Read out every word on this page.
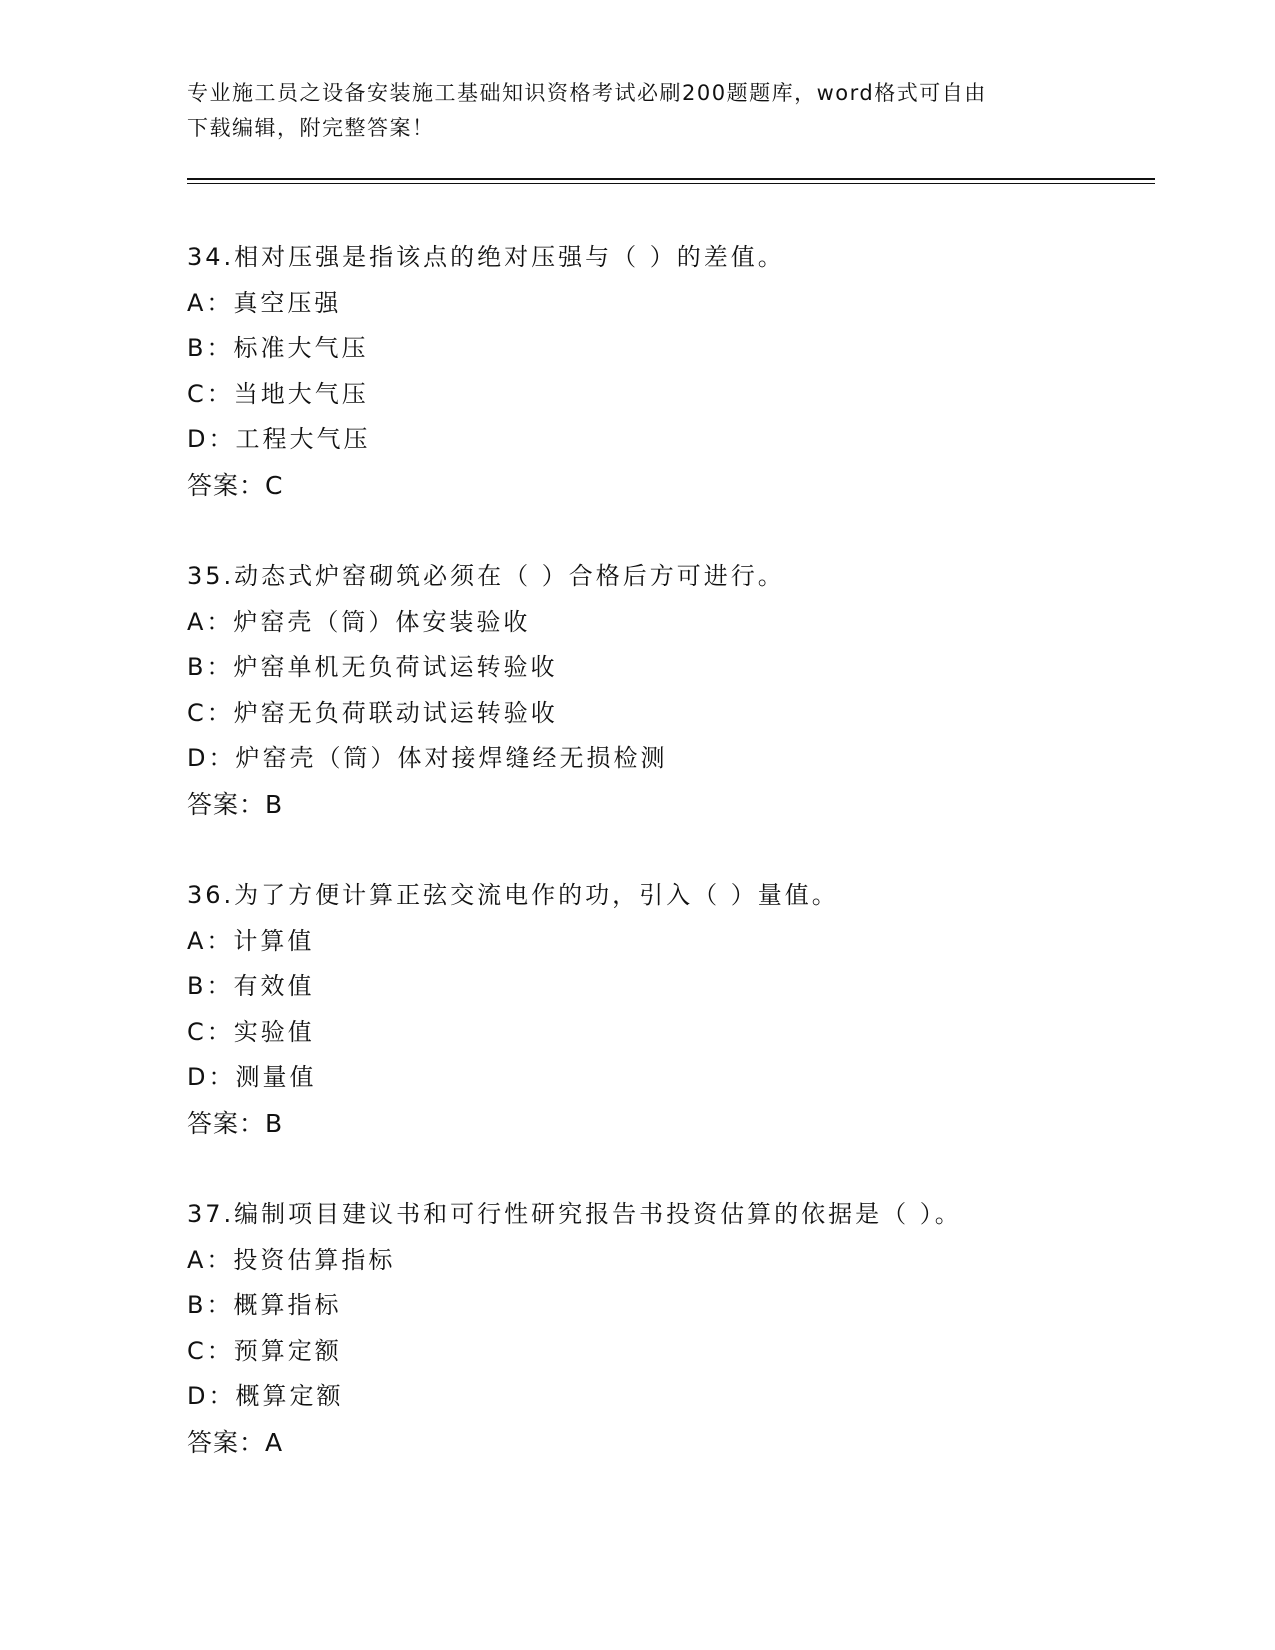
专业施工员之设备安装施工基础知识资格考试必刷200题题库，word格式可自由
下载编辑，附完整答案！
34.相对压强是指该点的绝对压强与（ ）的差值。
A：真空压强
B：标准大气压
C：当地大气压
D：工程大气压
答案：C
35.动态式炉窑砌筑必须在（ ）合格后方可进行。
A：炉窑壳（筒）体安装验收
B：炉窑单机无负荷试运转验收
C：炉窑无负荷联动试运转验收
D：炉窑壳（筒）体对接焊缝经无损检测
答案：B
36.为了方便计算正弦交流电作的功，引入（ ）量值。
A：计算值
B：有效值
C：实验值
D：测量值
答案：B
37.编制项目建议书和可行性研究报告书投资估算的依据是（ ）。
A：投资估算指标
B：概算指标
C：预算定额
D：概算定额
答案：A
